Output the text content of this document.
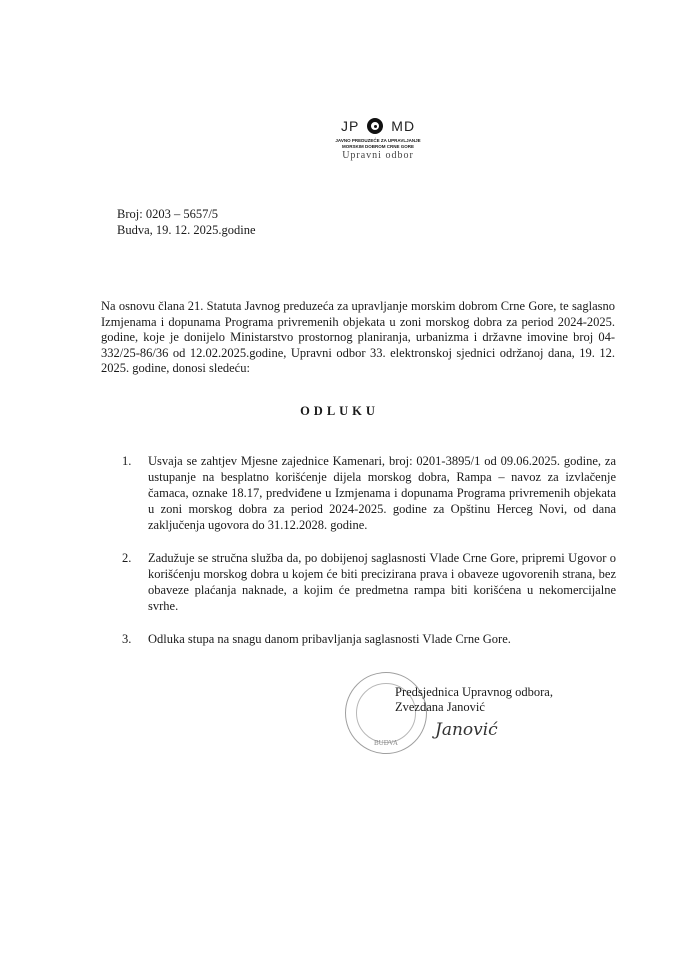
JP MD
JAVNO PREDUZEĆE ZA UPRAVLJANJE
MORSKIM DOBROM CRNE GORE
Upravni odbor
Broj: 0203 – 5657/5
Budva, 19. 12. 2025.godine
Na osnovu člana 21. Statuta Javnog preduzeća za upravljanje morskim dobrom Crne Gore, te saglasno Izmjenama i dopunama Programa privremenih objekata u zoni morskog dobra za period 2024-2025. godine, koje je donijelo Ministarstvo prostornog planiranja, urbanizma i državne imovine broj 04-332/25-86/36 od 12.02.2025.godine, Upravni odbor 33. elektronskoj sjednici održanoj dana, 19. 12. 2025. godine, donosi sledeću:
ODLUKU
1.	Usvaja se zahtjev Mjesne zajednice Kamenari, broj: 0201-3895/1 od 09.06.2025. godine, za ustupanje na besplatno korišćenje dijela morskog dobra, Rampa – navoz za izvlačenje čamaca, oznake 18.17, predviđene u Izmjenama i dopunama Programa privremenih objekata u zoni morskog dobra za period 2024-2025. godine za Opštinu Herceg Novi, od dana zaključenja ugovora do 31.12.2028. godine.
2.	Zadužuje se stručna služba da, po dobijenoj saglasnosti Vlade Crne Gore, pripremi Ugovor o korišćenju morskog dobra u kojem će biti precizirana prava i obaveze ugovorenih strana, bez obaveze plaćanja naknade, a kojim će predmetna rampa biti korišćena u nekomercijalne svrhe.
3.	Odluka stupa na snagu danom pribavljanja saglasnosti Vlade Crne Gore.
BUDVA
Predsjednica Upravnog odbora,
Zvezdana Janović
Janović
